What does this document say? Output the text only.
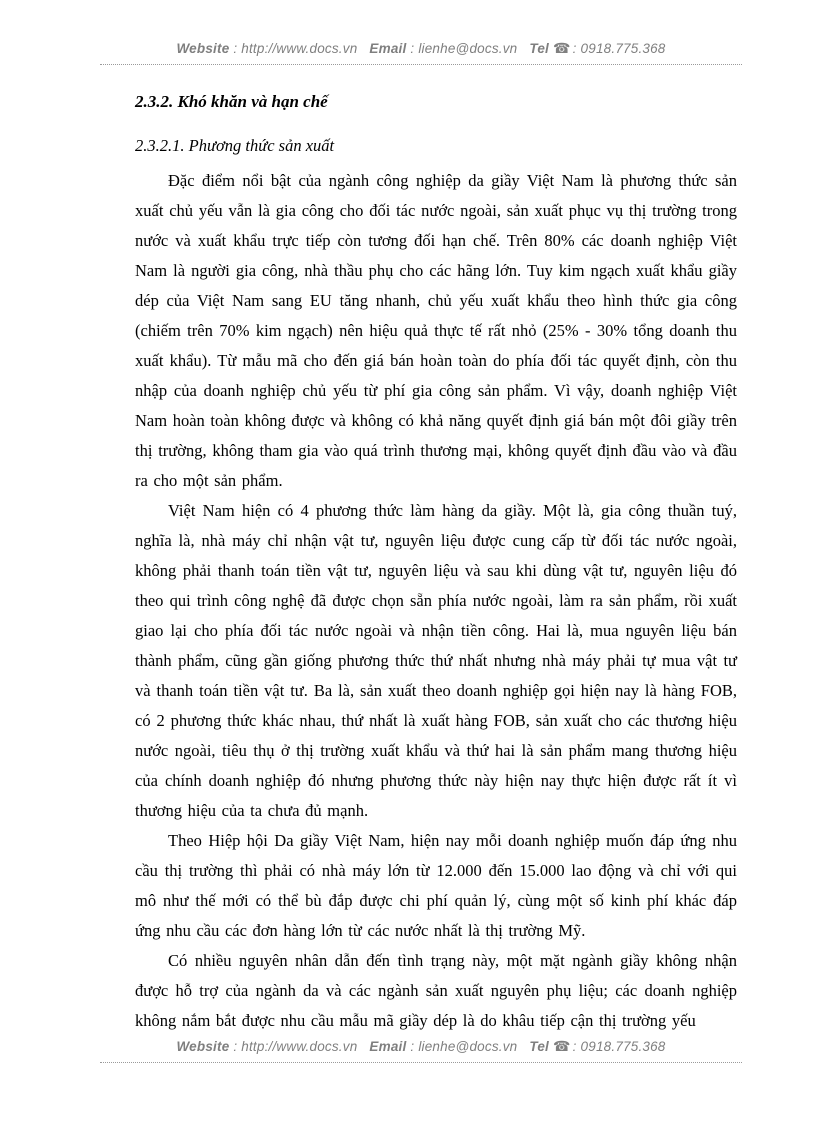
Website : http://www.docs.vn Email : lienhe@docs.vn Tel ☎ : 0918.775.368
2.3.2. Khó khăn và hạn chế
2.3.2.1. Phương thức sản xuất

Đặc điểm nổi bật của ngành công nghiệp da giầy Việt Nam là phương thức sản xuất chủ yếu vẫn là gia công cho đối tác nước ngoài, sản xuất phục vụ thị trường trong nước và xuất khẩu trực tiếp còn tương đối hạn chế. Trên 80% các doanh nghiệp Việt Nam là người gia công, nhà thầu phụ cho các hãng lớn. Tuy kim ngạch xuất khẩu giầy dép của Việt Nam sang EU tăng nhanh, chủ yếu xuất khẩu theo hình thức gia công (chiếm trên 70% kim ngạch) nên hiệu quả thực tế rất nhỏ (25% - 30% tổng doanh thu xuất khẩu). Từ mẫu mã cho đến giá bán hoàn toàn do phía đối tác quyết định, còn thu nhập của doanh nghiệp chủ yếu từ phí gia công sản phẩm. Vì vậy, doanh nghiệp Việt Nam hoàn toàn không được và không có khả năng quyết định giá bán một đôi giầy trên thị trường, không tham gia vào quá trình thương mại, không quyết định đầu vào và đầu ra cho một sản phẩm.

Việt Nam hiện có 4 phương thức làm hàng da giầy. Một là, gia công thuần tuý, nghĩa là, nhà máy chỉ nhận vật tư, nguyên liệu được cung cấp từ đối tác nước ngoài, không phải thanh toán tiền vật tư, nguyên liệu và sau khi dùng vật tư, nguyên liệu đó theo qui trình công nghệ đã được chọn sẵn phía nước ngoài, làm ra sản phẩm, rồi xuất giao lại cho phía đối tác nước ngoài và nhận tiền công. Hai là, mua nguyên liệu bán thành phẩm, cũng gần giống phương thức thứ nhất nhưng nhà máy phải tự mua vật tư và thanh toán tiền vật tư. Ba là, sản xuất theo doanh nghiệp gọi hiện nay là hàng FOB, có 2 phương thức khác nhau, thứ nhất là xuất hàng FOB, sản xuất cho các thương hiệu nước ngoài, tiêu thụ ở thị trường xuất khẩu và thứ hai là sản phẩm mang thương hiệu của chính doanh nghiệp đó nhưng phương thức này hiện nay thực hiện được rất ít vì thương hiệu của ta chưa đủ mạnh.

Theo Hiệp hội Da giầy Việt Nam, hiện nay mỗi doanh nghiệp muốn đáp ứng nhu cầu thị trường thì phải có nhà máy lớn từ 12.000 đến 15.000 lao động và chỉ với qui mô như thế mới có thể bù đắp được chi phí quản lý, cùng một số kinh phí khác đáp ứng nhu cầu các đơn hàng lớn từ các nước nhất là thị trường Mỹ.

Có nhiều nguyên nhân dẫn đến tình trạng này, một mặt ngành giầy không nhận được hỗ trợ của ngành da và các ngành sản xuất nguyên phụ liệu; các doanh nghiệp không nắm bắt được nhu cầu mẫu mã giầy dép là do khâu tiếp cận thị trường yếu

Website : http://www.docs.vn Email : lienhe@docs.vn Tel ☎ : 0918.775.368
